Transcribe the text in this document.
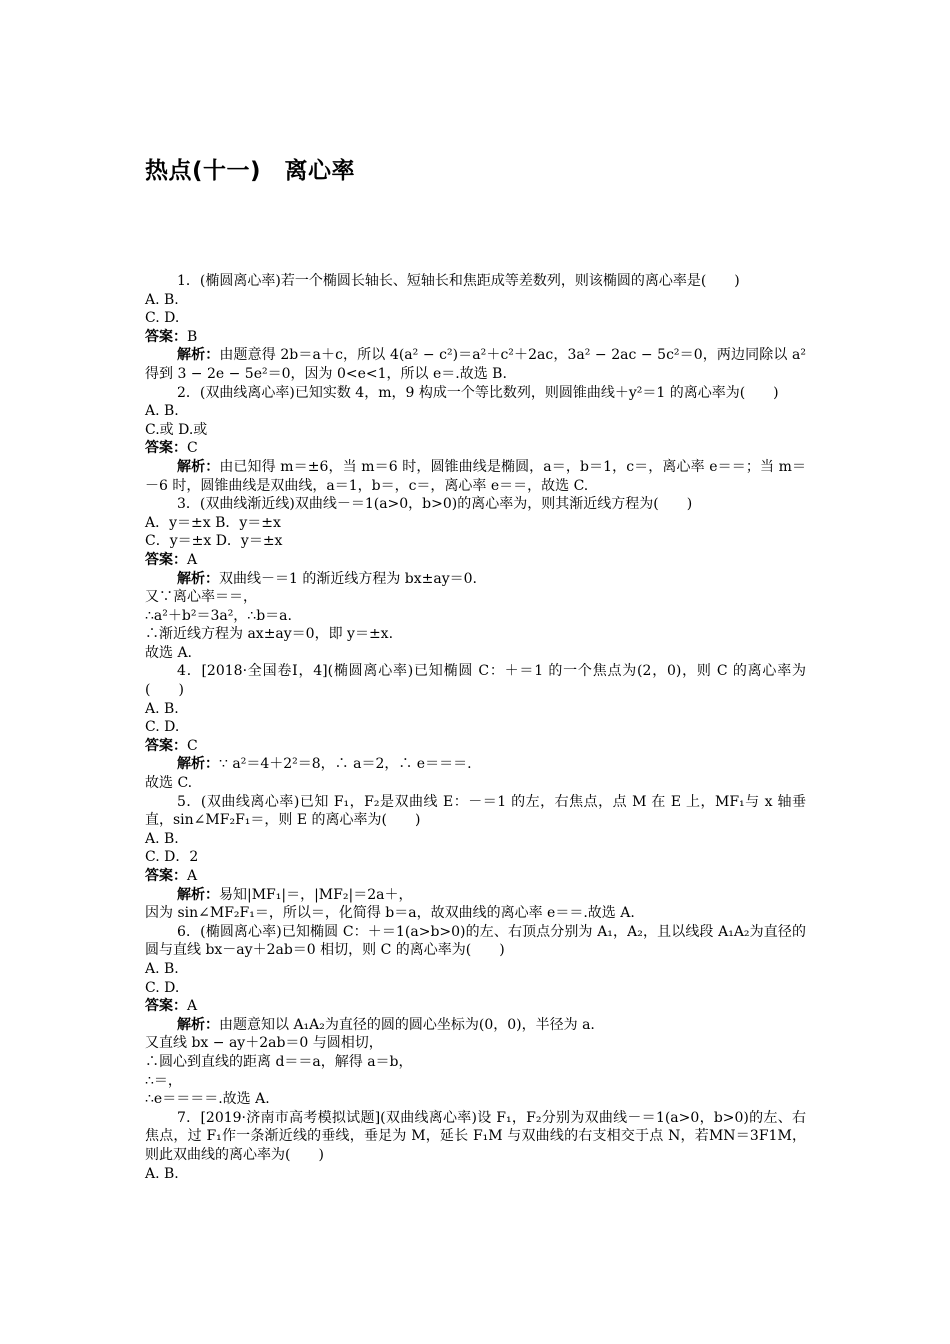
热点(十一)　离心率

1．(椭圆离心率)若一个椭圆长轴长、短轴长和焦距成等差数列，则该椭圆的离心率是(　　)

A. B.

C. D.

答案：B

解析：由题意得 2b＝a＋c，所以 4(a² − c²)＝a²＋c²＋2ac，3a² − 2ac − 5c²＝0，两边同除以 a² 得到 3 − 2e − 5e²＝0，因为 0<e<1，所以 e＝.故选 B.

2．(双曲线离心率)已知实数 4，m，9 构成一个等比数列，则圆锥曲线＋y²＝1 的离心率为(　　)

A. B.

C.或 D.或

答案：C

解析：由已知得 m＝±6，当 m＝6 时，圆锥曲线是椭圆，a＝，b＝1，c＝，离心率 e＝＝；当 m＝－6 时，圆锥曲线是双曲线，a＝1，b＝，c＝，离心率 e＝＝，故选 C.

3．(双曲线渐近线)双曲线－＝1(a>0，b>0)的离心率为，则其渐近线方程为(　　)

A．y＝±x B．y＝±x

C．y＝±x D．y＝±x

答案：A

解析：双曲线－＝1 的渐近线方程为 bx±ay＝0.

又∵离心率＝＝，

∴a²＋b²＝3a²，∴b＝a.

∴渐近线方程为 ax±ay＝0，即 y＝±x.

故选 A.

4．[2018·全国卷Ⅰ，4](椭圆离心率)已知椭圆 C：＋＝1 的一个焦点为(2，0)，则 C 的离心率为(　　)

A. B.

C. D.

答案：C

解析：∵ a²＝4＋2²＝8，∴ a＝2，∴ e＝＝＝.

故选 C.

5．(双曲线离心率)已知 F₁，F₂是双曲线 E：－＝1 的左，右焦点，点 M 在 E 上，MF₁与 x 轴垂直，sin∠MF₂F₁＝，则 E 的离心率为(　　)

A. B.

C. D．2

答案：A

解析：易知|MF₁|＝，|MF₂|＝2a＋，

因为 sin∠MF₂F₁＝，所以＝，化简得 b＝a，故双曲线的离心率 e＝＝.故选 A.

6．(椭圆离心率)已知椭圆 C：＋＝1(a>b>0)的左、右顶点分别为 A₁，A₂，且以线段 A₁A₂为直径的圆与直线 bx－ay＋2ab＝0 相切，则 C 的离心率为(　　)

A. B.

C. D.

答案：A

解析：由题意知以 A₁A₂为直径的圆的圆心坐标为(0，0)，半径为 a.

又直线 bx − ay＋2ab＝0 与圆相切，

∴圆心到直线的距离 d＝＝a，解得 a＝b，

∴＝，

∴e＝＝＝＝.故选 A.

7．[2019·济南市高考模拟试题](双曲线离心率)设 F₁，F₂分别为双曲线－＝1(a>0，b>0)的左、右焦点，过 F₁作一条渐近线的垂线，垂足为 M，延长 F₁M 与双曲线的右支相交于点 N，若MN＝3F1M，则此双曲线的离心率为(　　)

A. B.
